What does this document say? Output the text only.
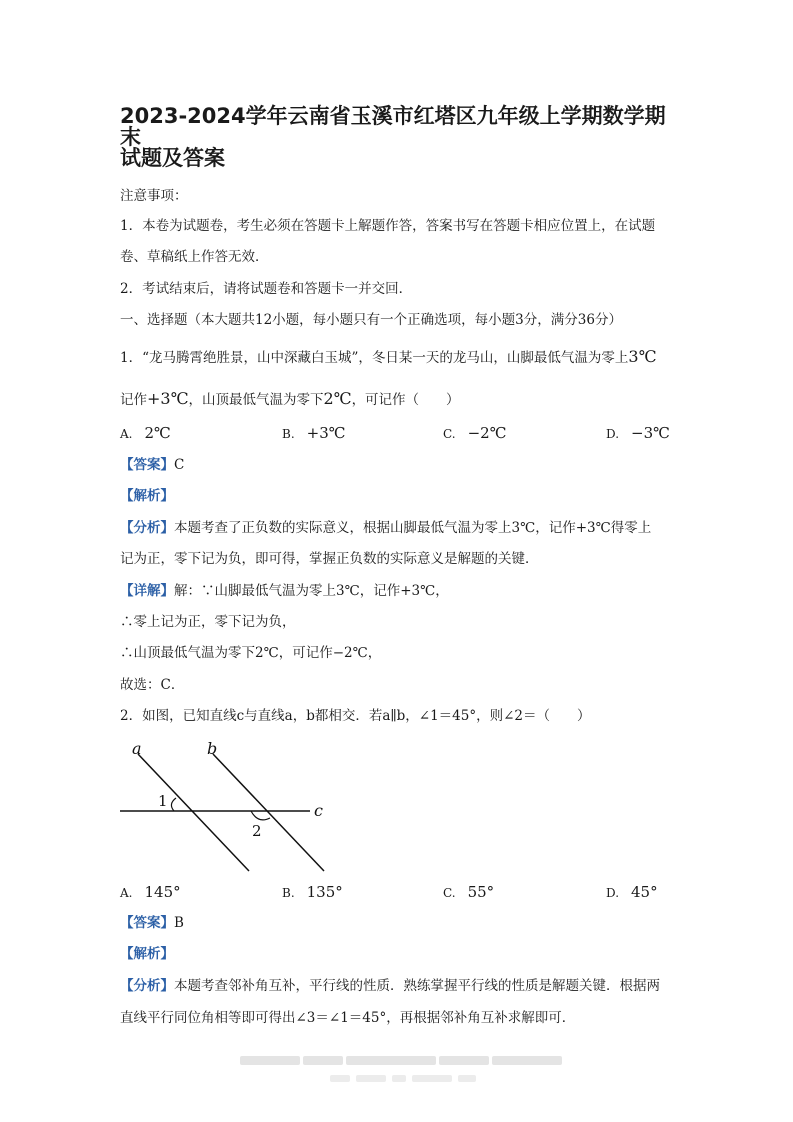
2023-2024学年云南省玉溪市红塔区九年级上学期数学期末
试题及答案
注意事项：
1．本卷为试题卷，考生必须在答题卡上解题作答，答案书写在答题卡相应位置上，在试题
卷、草稿纸上作答无效．
2．考试结束后，请将试题卷和答题卡一并交回．
一、选择题（本大题共12小题，每小题只有一个正确选项，每小题3分，满分36分）
1．“龙马腾霄绝胜景，山中深藏白玉城”，冬日某一天的龙马山，山脚最低气温为零上3℃
记作+3℃，山顶最低气温为零下2℃，可记作（　　）
A. 2℃	B. +3℃	C. −2℃	D. −3℃
【答案】C
【解析】
【分析】本题考查了正负数的实际意义，根据山脚最低气温为零上3℃，记作+3℃得零上
记为正，零下记为负，即可得，掌握正负数的实际意义是解题的关键．
【详解】解：∵山脚最低气温为零上3℃，记作+3℃，
∴零上记为正，零下记为负，
∴山顶最低气温为零下2℃，可记作−2℃，
故选：C．
2．如图，已知直线c与直线a，b都相交．若a∥b，∠1＝45°，则∠2＝（　　）
a	b
c
1
2
A. 145°	B. 135°	C. 55°	D. 45°
【答案】B
【解析】
【分析】本题考查邻补角互补，平行线的性质．熟练掌握平行线的性质是解题关键．根据两
直线平行同位角相等即可得出∠3＝∠1＝45°，再根据邻补角互补求解即可．
